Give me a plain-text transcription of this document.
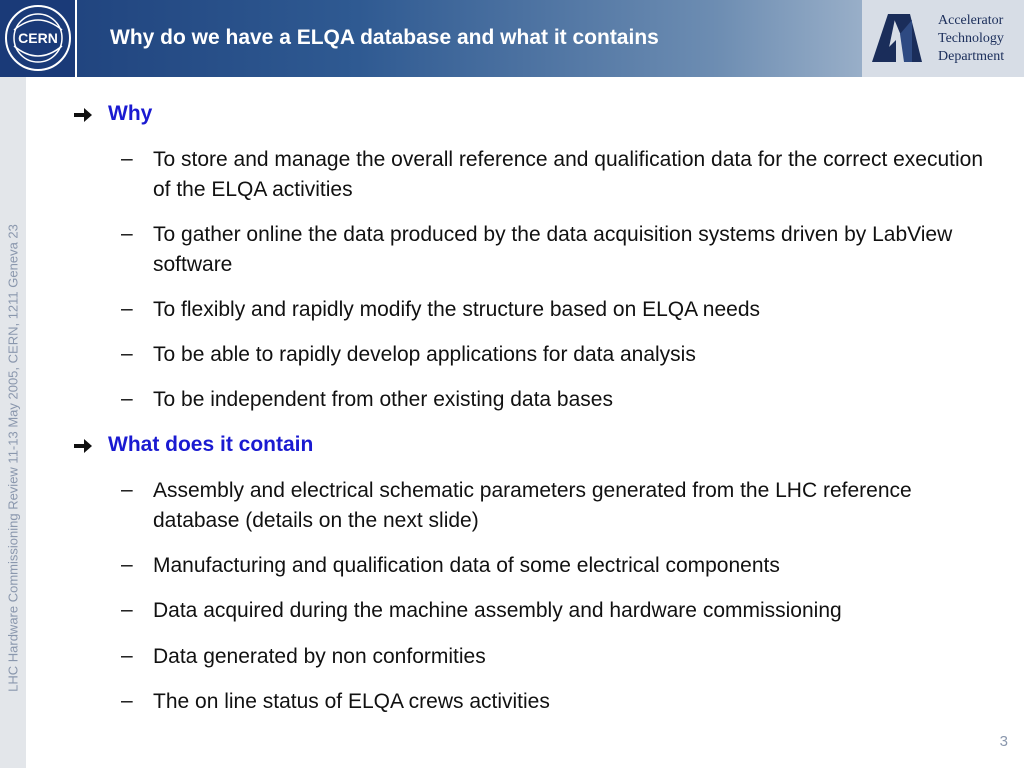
CERN Why do we have a ELQA database and what it contains
Accelerator
Technology
Department
LHC Hardware Commissioning Review 11-13 May 2005, CERN, 1211 Geneva 23
Why
– To store and manage the overall reference and qualification data for the correct execution of the ELQA activities
– To gather online the data produced by the data acquisition systems driven by LabView software
– To flexibly and rapidly modify the structure based on ELQA needs
– To be able to rapidly develop applications for data analysis
– To be independent from other existing data bases
What does it contain
– Assembly and electrical schematic parameters generated from the LHC reference database (details on the next slide)
– Manufacturing and qualification data of some electrical components
– Data acquired during the machine assembly and hardware commissioning
– Data generated by non conformities
– The on line status of ELQA crews activities
3
